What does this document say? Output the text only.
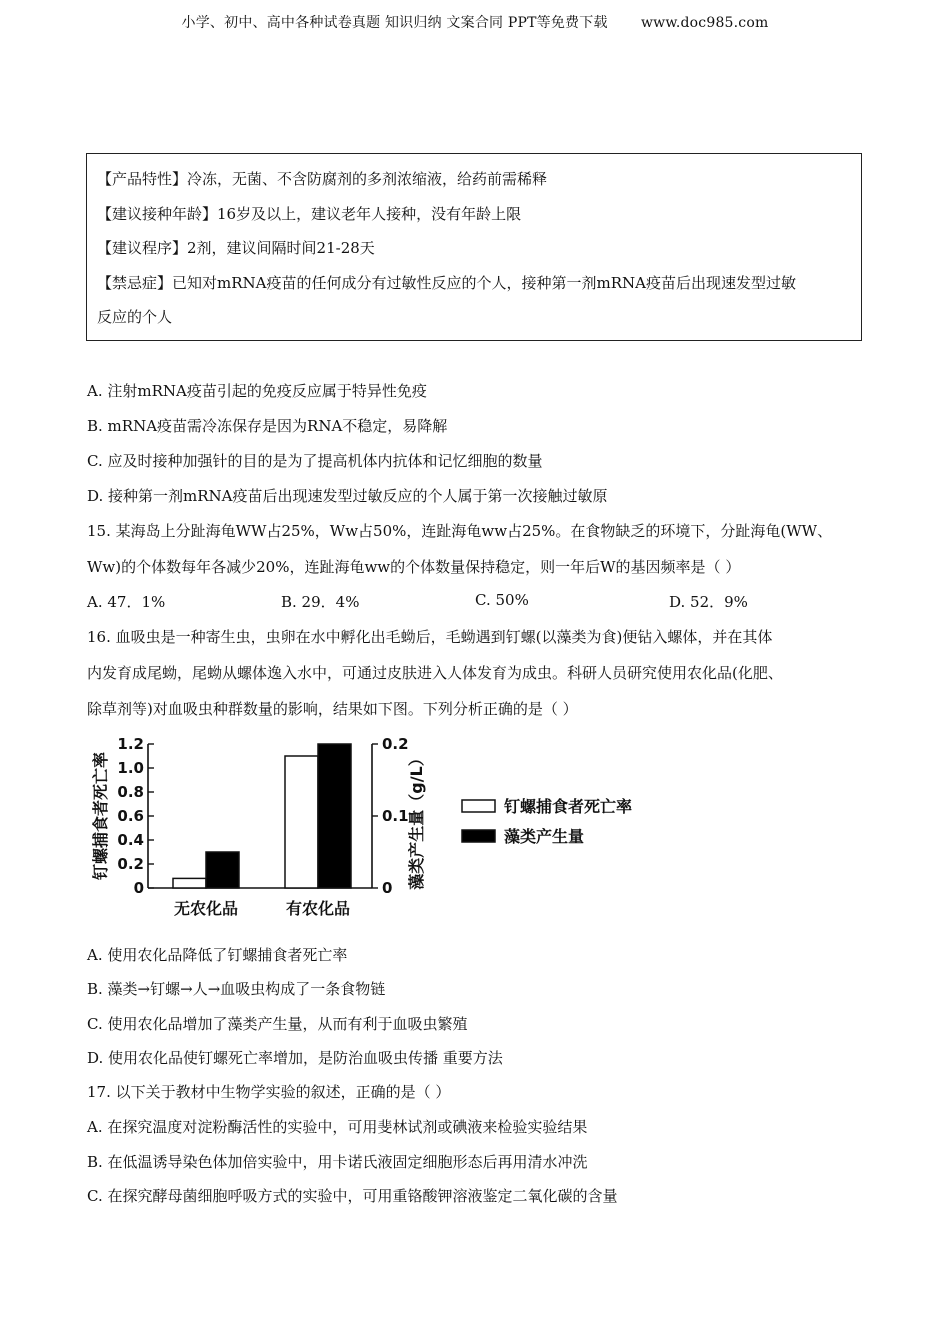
小学、初中、高中各种试卷真题 知识归纳 文案合同 PPT等免费下载 www.doc985.com
【产品特性】冷冻，无菌、不含防腐剂的多剂浓缩液，给药前需稀释
【建议接种年龄】16岁及以上，建议老年人接种，没有年龄上限
【建议程序】2剂，建议间隔时间21-28天
【禁忌症】已知对mRNA疫苗的任何成分有过敏性反应的个人，接种第一剂mRNA疫苗后出现速发型过敏
反应的个人
A. 注射mRNA疫苗引起的免疫反应属于特异性免疫
B. mRNA疫苗需冷冻保存是因为RNA不稳定，易降解
C. 应及时接种加强针的目的是为了提高机体内抗体和记忆细胞的数量
D. 接种第一剂mRNA疫苗后出现速发型过敏反应的个人属于第一次接触过敏原
15. 某海岛上分趾海龟WW占25%，Ww占50%，连趾海龟ww占25%。在食物缺乏的环境下，分趾海龟(WW、
Ww)的个体数每年各减少20%，连趾海龟ww的个体数量保持稳定，则一年后W的基因频率是（ ）
A. 47．1%	B. 29．4%	C. 50%	D. 52．9%
16. 血吸虫是一种寄生虫，虫卵在水中孵化出毛蚴后，毛蚴遇到钉螺(以藻类为食)便钻入螺体，并在其体
内发育成尾蚴，尾蚴从螺体逸入水中，可通过皮肤进入人体发育为成虫。科研人员研究使用农化品(化肥、
除草剂等)对血吸虫种群数量的影响，结果如下图。下列分析正确的是（ ）
0
0.2
0.4
0.6
0.8
1.0
1.2
0
0.1
0.2
无农化品	有农化品
钉螺捕食者死亡率	藻类产生量（g/L）	钉螺捕食者死亡率
藻类产生量
A. 使用农化品降低了钉螺捕食者死亡率
B. 藻类→钉螺→人→血吸虫构成了一条食物链
C. 使用农化品增加了藻类产生量，从而有利于血吸虫繁殖
D. 使用农化品使钉螺死亡率增加，是防治血吸虫传播 重要方法
17. 以下关于教材中生物学实验的叙述，正确的是（ ）
A. 在探究温度对淀粉酶活性的实验中，可用斐林试剂或碘液来检验实验结果
B. 在低温诱导染色体加倍实验中，用卡诺氏液固定细胞形态后再用清水冲洗
C. 在探究酵母菌细胞呼吸方式的实验中，可用重铬酸钾溶液鉴定二氧化碳的含量
